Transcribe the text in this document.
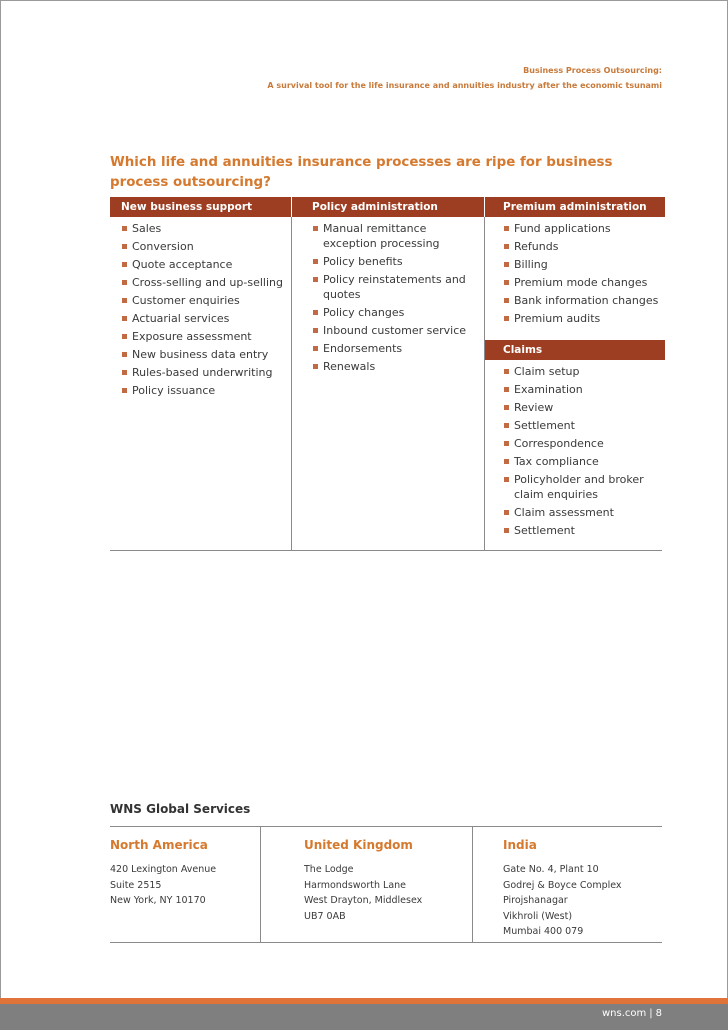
Business Process Outsourcing:
A survival tool for the life insurance and annuities industry after the economic tsunami
Which life and annuities insurance processes are ripe for business process outsourcing?
New business support	Policy administration	Premium administration
Claims
Sales
Conversion
Quote acceptance
Cross-selling and up-selling
Customer enquiries
Actuarial services
Exposure assessment
New business data entry
Rules-based underwriting
Policy issuance
Manual remittance exception processing
Policy benefits
Policy reinstatements and quotes
Policy changes
Inbound customer service
Endorsements
Renewals
Fund applications
Refunds
Billing
Premium mode changes
Bank information changes
Premium audits
Claim setup
Examination
Review
Settlement
Correspondence
Tax compliance
Policyholder and broker claim enquiries
Claim assessment
Settlement
WNS Global Services
North America
420 Lexington Avenue
Suite 2515
New York, NY 10170
United Kingdom
The Lodge
Harmondsworth Lane
West Drayton, Middlesex
UB7 0AB
India
Gate No. 4, Plant 10
Godrej & Boyce Complex
Pirojshanagar
Vikhroli (West)
Mumbai 400 079
wns.com | 8
